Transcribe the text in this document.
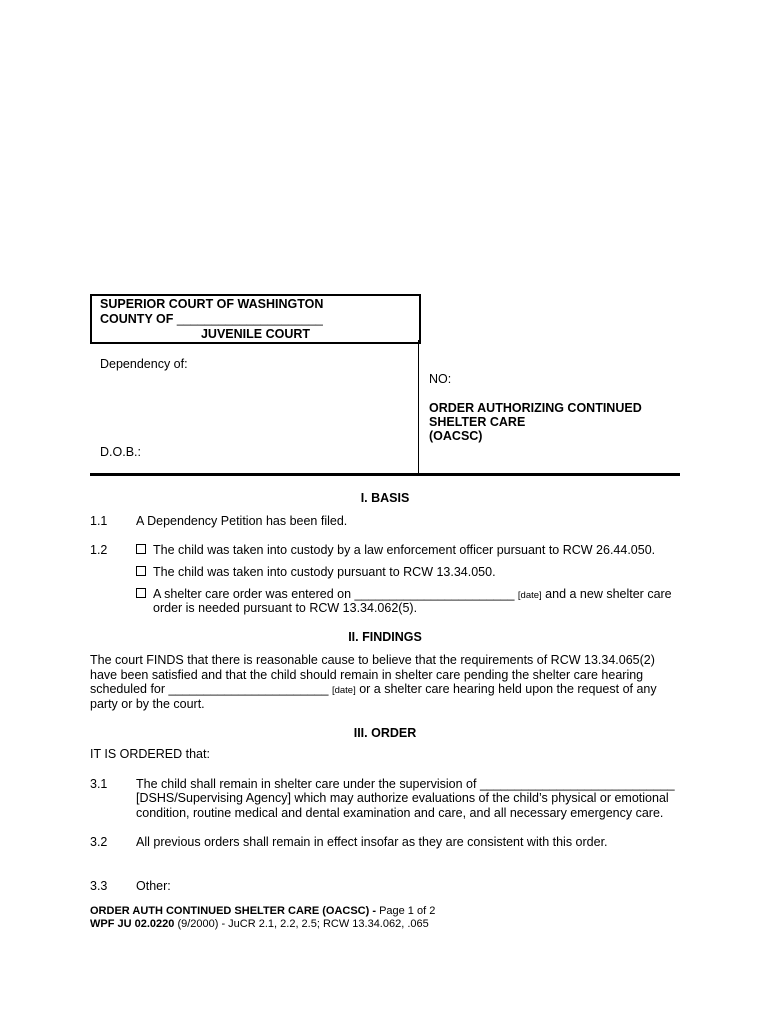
SUPERIOR COURT OF WASHINGTON
COUNTY OF _____________________
JUVENILE COURT
Dependency of:
D.O.B.:
NO:
ORDER AUTHORIZING CONTINUED
SHELTER CARE
(OACSC)
I. BASIS
1.1 A Dependency Petition has been filed.
1.2	The child was taken into custody by a law enforcement officer pursuant to RCW 26.44.050.
The child was taken into custody pursuant to RCW 13.34.050.
A shelter care order was entered on _______________________ [date] and a new shelter care
order is needed pursuant to RCW 13.34.062(5).
II. FINDINGS
The court FINDS that there is reasonable cause to believe that the requirements of RCW 13.34.065(2)
have been satisfied and that the child should remain in shelter care pending the shelter care hearing
scheduled for _______________________ [date] or a shelter care hearing held upon the request of any
party or by the court.
III. ORDER
IT IS ORDERED that:
3.1 The child shall remain in shelter care under the supervision of ____________________________
[DSHS/Supervising Agency] which may authorize evaluations of the child’s physical or emotional
condition, routine medical and dental examination and care, and all necessary emergency care.
3.2 All previous orders shall remain in effect insofar as they are consistent with this order.
3.3 Other:
ORDER AUTH CONTINUED SHELTER CARE (OACSC) - Page 1 of 2
WPF JU 02.0220 (9/2000) - JuCR 2.1, 2.2, 2.5; RCW 13.34.062, .065
